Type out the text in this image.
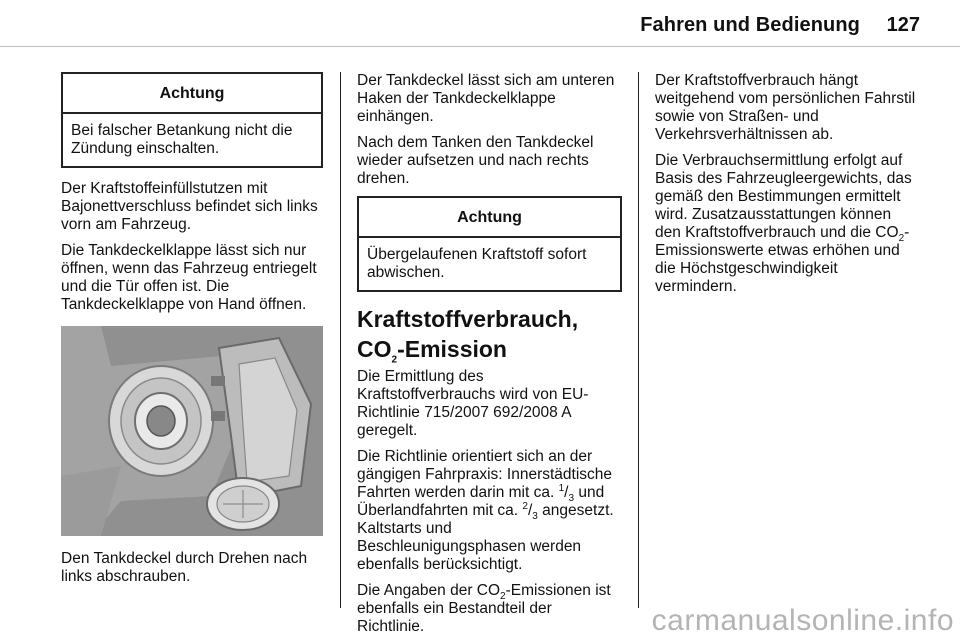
Fahren und Bedienung 127
Achtung
Bei falscher Betankung nicht die Zündung einschalten.

Der Kraftstoffeinfüllstutzen mit Bajonettverschluss befindet sich links vorn am Fahrzeug.

Die Tankdeckelklappe lässt sich nur öffnen, wenn das Fahrzeug entriegelt und die Tür offen ist. Die Tankdeckelklappe von Hand öffnen.

Den Tankdeckel durch Drehen nach links abschrauben.

Der Tankdeckel lässt sich am unteren Haken der Tankdeckelklappe einhängen.

Nach dem Tanken den Tankdeckel wieder aufsetzen und nach rechts drehen.

Achtung
Übergelaufenen Kraftstoff sofort abwischen.
Kraftstoffverbrauch, $CO_2$-Emission

Die Ermittlung des Kraftstoffverbrauchs wird von EU-Richtlinie 715/2007 692/2008 A geregelt.

Die Richtlinie orientiert sich an der gängigen Fahrpraxis: Innerstädtische Fahrten werden darin mit ca. $^1/_3$ und Überlandfahrten mit ca. $^2/_3$ angesetzt. Kaltstarts und Beschleunigungsphasen werden ebenfalls berücksichtigt.

Die Angaben der $CO_2$-Emissionen ist ebenfalls ein Bestandteil der Richtlinie.

Der Kraftstoffverbrauch hängt weitgehend vom persönlichen Fahrstil sowie von Straßen- und Verkehrsverhältnissen ab.

Die Verbrauchsermittlung erfolgt auf Basis des Fahrzeugleergewichts, das gemäß den Bestimmungen ermittelt wird. Zusatzausstattungen können den Kraftstoffverbrauch und die $CO_2$-Emissionswerte etwas erhöhen und die Höchstgeschwindigkeit vermindern.

carmanualsonline.info
